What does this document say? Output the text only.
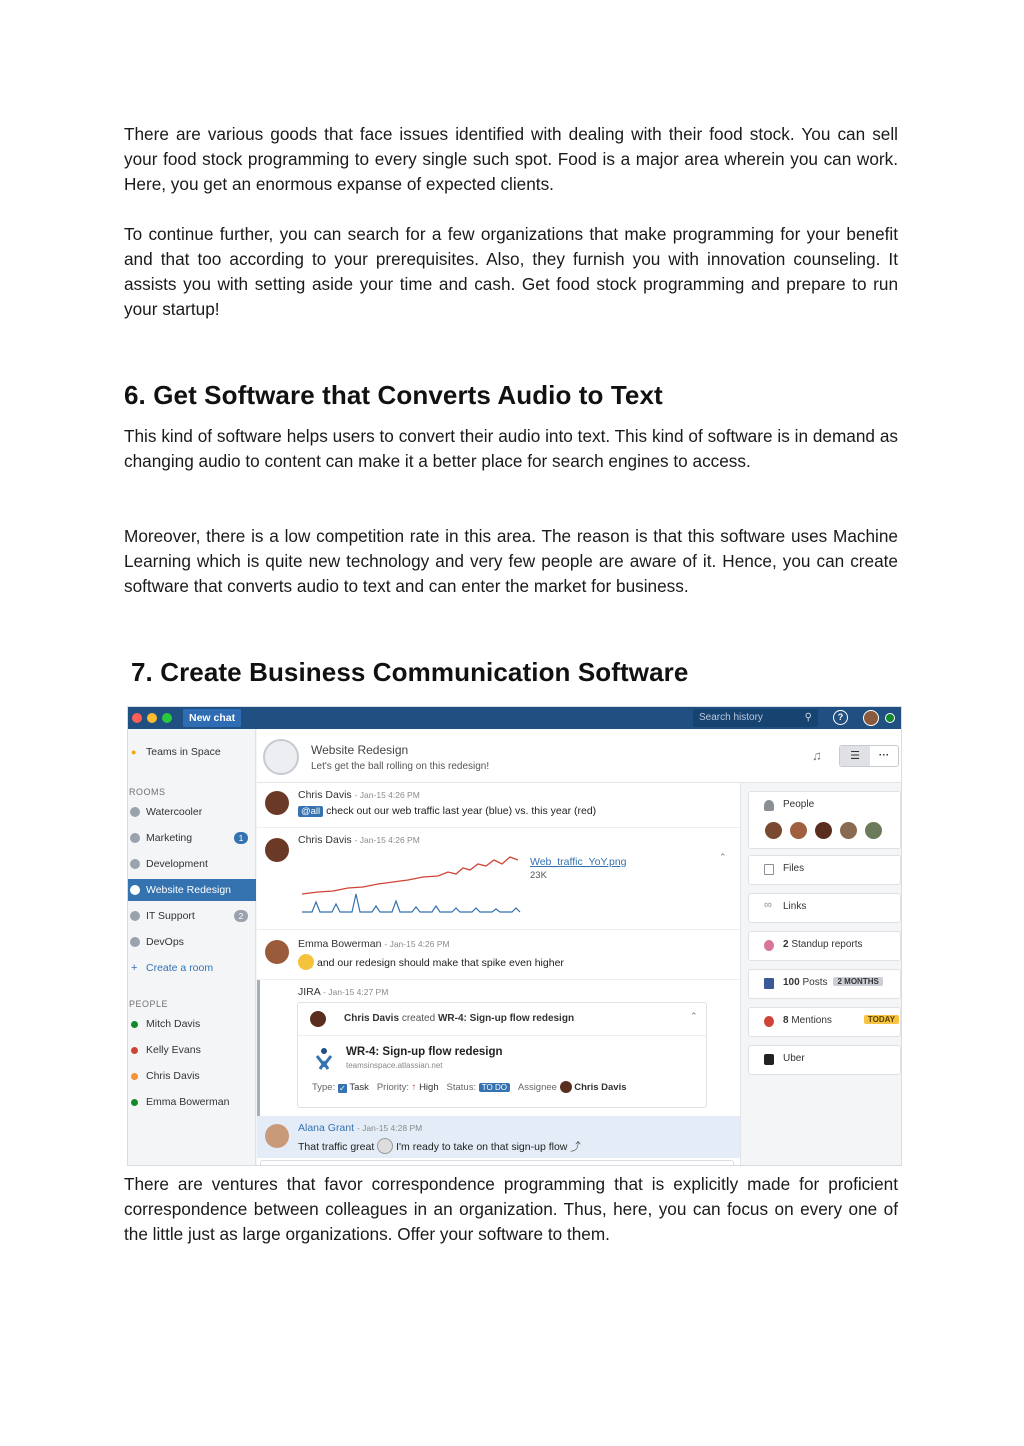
There are various goods that face issues identified with dealing with their food stock. You can sell your food stock programming to every single such spot. Food is a major area wherein you can work. Here, you get an enormous expanse of expected clients.

To continue further, you can search for a few organizations that make programming for your benefit and that too according to your prerequisites. Also, they furnish you with innovation counseling. It assists you with setting aside your time and cash. Get food stock programming and prepare to run your startup!

6. Get Software that Converts Audio to Text

This kind of software helps users to convert their audio into text. This kind of software is in demand as changing audio to content can make it a better place for search engines to access.

Moreover, there is a low competition rate in this area. The reason is that this software uses Machine Learning which is quite new technology and very few people are aware of it. Hence, you can create software that converts audio to text and can enter the market for business.

7. Create Business Communication Software
New chat	Search history	⚲	?
● Teams in Space
ROOMS
Watercooler
Marketing	1
Development
Website Redesign
IT Support	2
DevOps
+ Create a room
PEOPLE
Mitch Davis
Kelly Evans
Chris Davis
Emma Bowerman
Website Redesign
Let's get the ball rolling on this redesign!
♫	☰	···
Chris Davis - Jan-15 4:26 PM
@all check out our web traffic last year (blue) vs. this year (red)
Chris Davis - Jan-15 4:26 PM
Web_traffic_YoY.png
23K
⌃
Emma Bowerman - Jan-15 4:26 PM
and our redesign should make that spike even higher
JIRA - Jan-15 4:27 PM
Chris Davis created WR-4: Sign-up flow redesign	⌃
WR-4: Sign-up flow redesign
teamsinspace.atlassian.net
Type: ✓ Task Priority: ↑ High Status: TO DO Assignee Chris Davis
Alana Grant - Jan-15 4:28 PM
That traffic great I'm ready to take on that sign-up flow ⤴
People
Files
∞ Links
2 Standup reports
100 Posts 2 MONTHS
8 Mentions	TODAY
Uber

There are ventures that favor correspondence programming that is explicitly made for proficient correspondence between colleagues in an organization. Thus, here, you can focus on every one of the little just as large organizations. Offer your software to them.
